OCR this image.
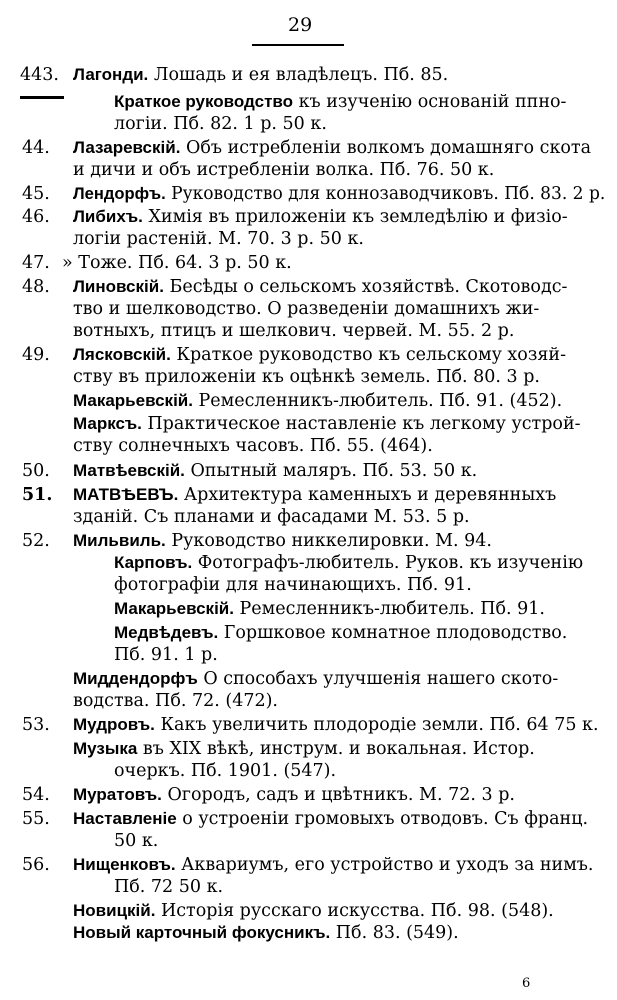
29
443. Лагонди. Лошадь и ея владѣлецъ. Пб. 85.
Краткое руководство къ изученію основаній ппно-
логіи. Пб. 82. 1 р. 50 к.
44. Лазаревскій. Объ истребленіи волкомъ домашняго скота
и дичи и объ истребленіи волка. Пб. 76. 50 к.
45. Лендорфъ. Руководство для коннозаводчиковъ. Пб. 83. 2 р.
46. Либихъ. Химія въ приложеніи къ земледѣлію и физіо-
логіи растеній. М. 70. 3 р. 50 к.
47. » Тоже. Пб. 64. 3 р. 50 к.
48. Линовскій. Бесѣды о сельскомъ хозяйствѣ. Скотоводс-
тво и шелководство. О разведеніи домашнихъ жи-
вотныхъ, птицъ и шелкович. червей. М. 55. 2 р.
49. Лясковскій. Краткое руководство къ сельскому хозяй-
ству въ приложеніи къ оцѣнкѣ земель. Пб. 80. 3 р.
Макарьевскій. Ремесленникъ-любитель. Пб. 91. (452).
Марксъ. Практическое наставленіе къ легкому устрой-
ству солнечныхъ часовъ. Пб. 55. (464).
50. Матвѣевскій. Опытный маляръ. Пб. 53. 50 к.
51. МАТВѢЕВЪ. Архитектура каменныхъ и деревянныхъ
зданій. Съ планами и фасадами М. 53. 5 р.
52. Мильвиль. Руководство никкелировки. М. 94.
Карповъ. Фотографъ-любитель. Руков. къ изученію
фотографіи для начинающихъ. Пб. 91.
Макарьевскій. Ремесленникъ-любитель. Пб. 91.
Медвѣдевъ. Горшковое комнатное плодоводство.
Пб. 91. 1 р.
Миддендорфъ О способахъ улучшенія нашего ското-
водства. Пб. 72. (472).
53. Мудровъ. Какъ увеличить плодородіе земли. Пб. 64 75 к.
Музыка въ XIX вѣкѣ, инструм. и вокальная. Истор.
очеркъ. Пб. 1901. (547).
54. Муратовъ. Огородъ, садъ и цвѣтникъ. М. 72. 3 р.
55. Наставленіе о устроеніи громовыхъ отводовъ. Съ франц.
50 к.
56. Нищенковъ. Аквариумъ, его устройство и уходъ за нимъ.
Пб. 72 50 к.
Новицкій. Исторія русскаго искусства. Пб. 98. (548).
Новый карточный фокусникъ. Пб. 83. (549).
6
